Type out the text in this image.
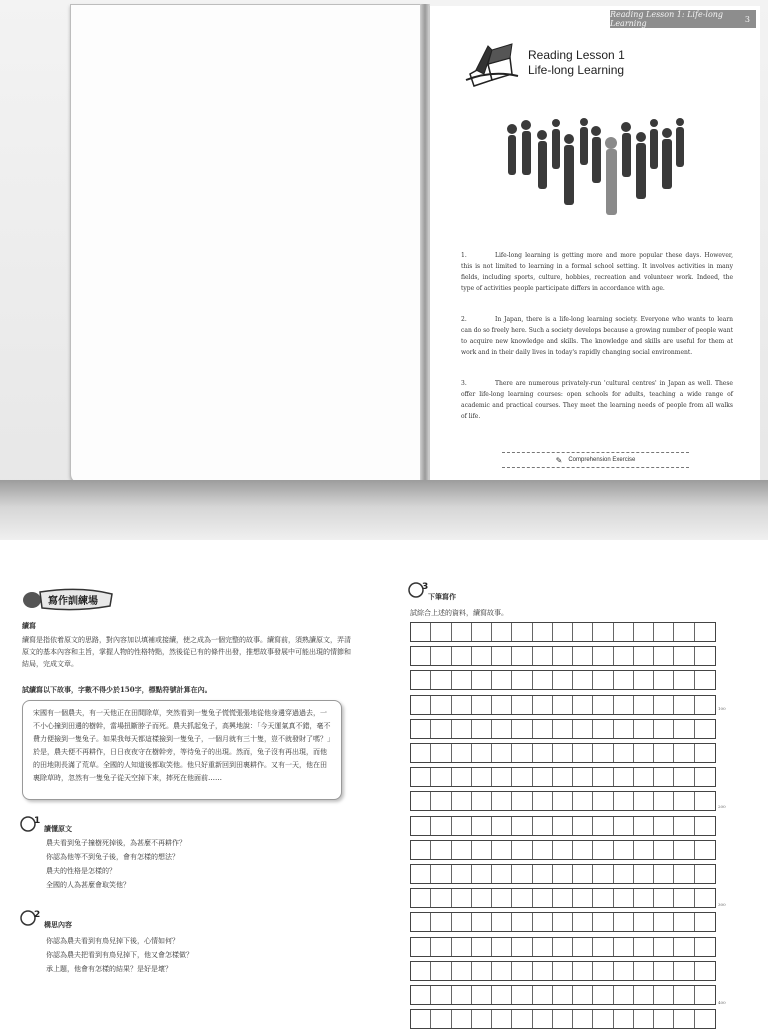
Reading Lesson 1: Life-long Learning	3
Reading Lesson 1
Life-long Learning
1.	Life-long learning is getting more and more popular these days. However, this is not limited to learning in a formal school setting. It involves activities in many fields, including sports, culture, hobbies, recreation and volunteer work. Indeed, the type of activities people participate differs in accordance with age.
2.	In Japan, there is a life-long learning society. Everyone who wants to learn can do so freely here. Such a society develops because a growing number of people want to acquire new knowledge and skills. The knowledge and skills are useful for them at work and in their daily lives in today's rapidly changing social environment.
3.	There are numerous privately-run 'cultural centres' in Japan as well. These offer life-long learning courses: open schools for adults, teaching a wide range of academic and practical courses. They meet the learning needs of people from all walks of life.
✎ Comprehension Exercise
寫作訓練場
續寫
續寫是指依着原文的思路，對內容加以填補或接續，使之成為一個完整的故事。續寫前，須熟讀原文，弄清原文的基本內容和主旨，掌握人物的性格特點，然後從已有的條件出發，推想故事發展中可能出現的情節和結局，完成文章。
試續寫以下故事，字數不得少於150字，標點符號計算在內。

宋國有一個農夫，有一天他正在田間除草，突然看到一隻兔子慌慌張張地從他身邊穿過過去，一不小心撞到田邊的樹幹，當場扭斷脖子而死。農夫抓起兔子，高興地說：「今天運氣真不錯，毫不費力便撿到一隻兔子。如果我每天都這樣撿到一隻兔子，一個月就有三十隻，豈不就發財了嗎？」於是，農夫便不再耕作，日日夜夜守在樹幹旁，等待兔子的出現。然而，兔子沒有再出現，而他的田地則長滿了荒草。全國的人知道後都取笑他。他只好重新回到田裏耕作。又有一天，他在田裏除草時，忽然有一隻兔子從天空掉下來，摔死在他面前……

1
讀懂原文
農夫看到兔子撞樹死掉後，為甚麼不再耕作？
你認為他等不到兔子後，會有怎樣的想法？
農夫的性格是怎樣的？
全國的人為甚麼會取笑他？
2
構思內容
你認為農夫看到有鳥兒掉下後，心情如何？
你認為農夫把看到有鳥兒掉下，他又會怎樣做？
承上題，他會有怎樣的結果？是好是壞？
3
下筆寫作
試綜合上述的資料，續寫故事。
100
200
300
400
